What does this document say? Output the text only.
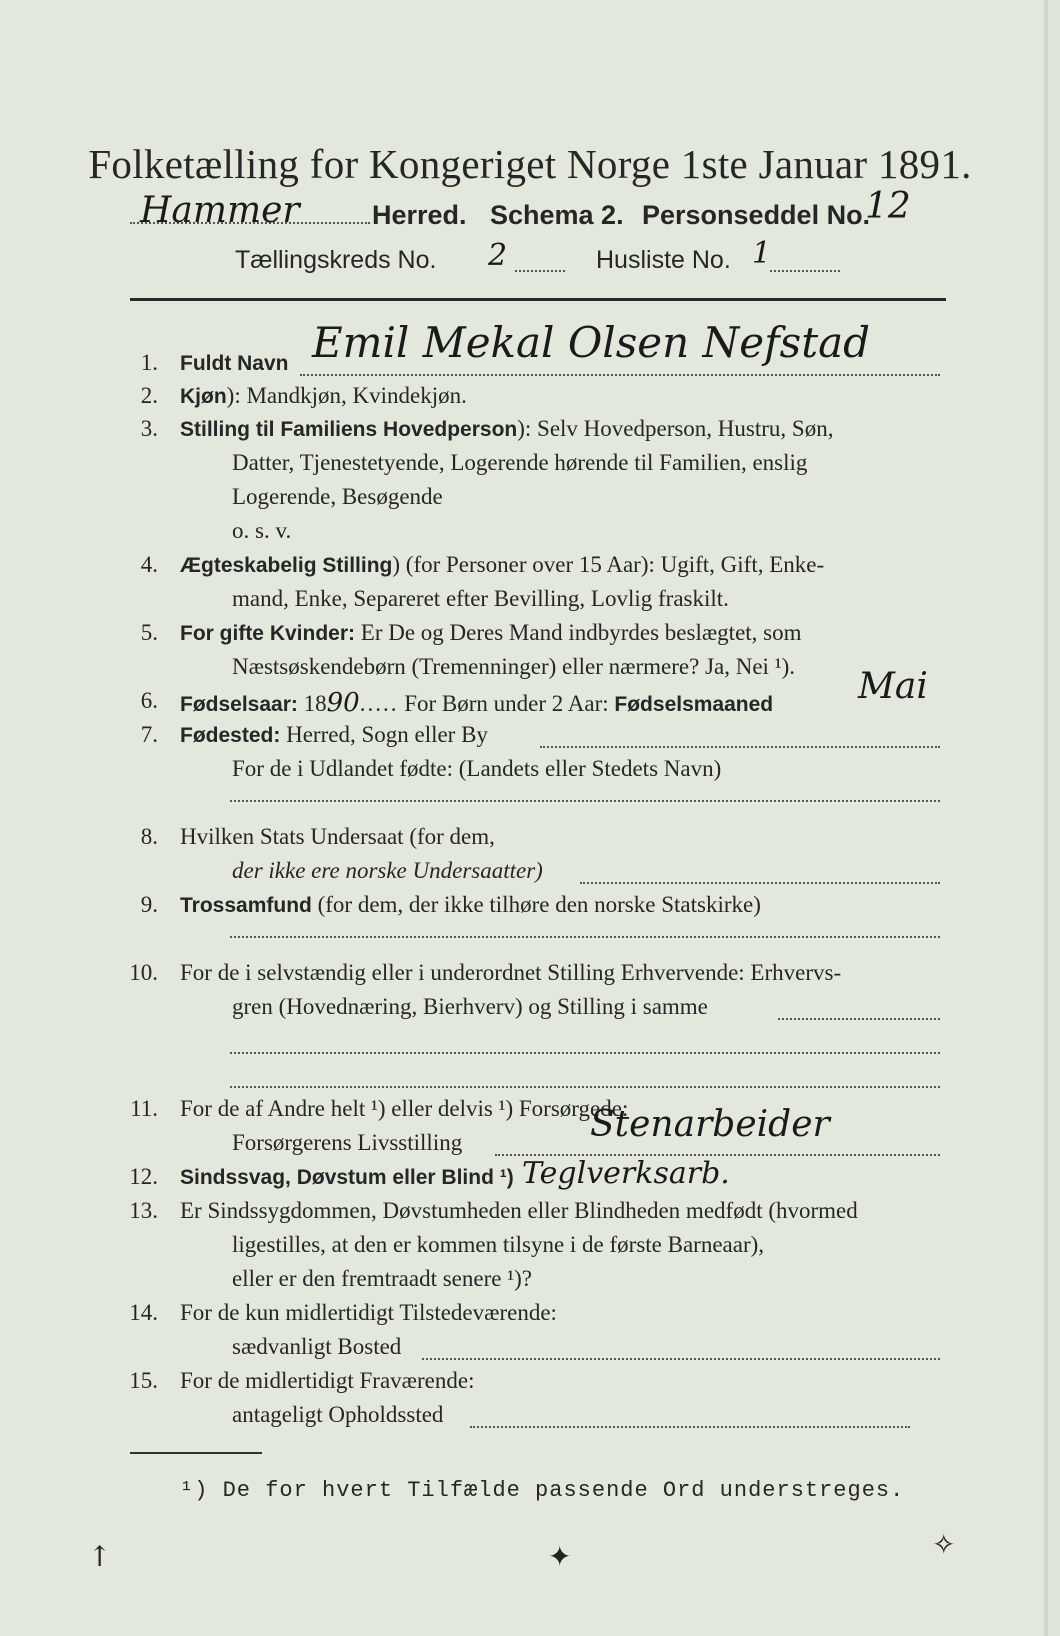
Folketælling for Kongeriget Norge 1ste Januar 1891.
Hammer	Herred. Schema 2. Personseddel No.
12
Tællingskreds No. 2	Husliste No. 1
1. Fuldt Navn Emil Mekal Olsen Nefstad
2. Kjøn): Mandkjøn, Kvindekjøn.
3. Stilling til Familiens Hovedperson): Selv Hovedperson, Hustru, Søn,
Datter, Tjenestetyende, Logerende hørende til Familien, enslig
Logerende, Besøgende
o. s. v.
4. Ægteskabelig Stilling) (for Personer over 15 Aar): Ugift, Gift, Enke-
mand, Enke, Separeret efter Bevilling, Lovlig fraskilt.
5. For gifte Kvinder: Er De og Deres Mand indbyrdes beslægtet, som
Næstsøskendebørn (Tremenninger) eller nærmere? Ja, Nei ¹).
6. Fødselsaar: 1890..... For Børn under 2 Aar: Fødselsmaaned Mai
7. Fødested: Herred, Sogn eller By
For de i Udlandet fødte: (Landets eller Stedets Navn)
8. Hvilken Stats Undersaat (for dem,
der ikke ere norske Undersaatter)
9. Trossamfund (for dem, der ikke tilhøre den norske Statskirke)
10. For de i selvstændig eller i underordnet Stilling Erhvervende: Erhvervs-
gren (Hovednæring, Bierhverv) og Stilling i samme
11. For de af Andre helt ¹) eller delvis ¹) Forsørgede:
Forsørgerens Livsstilling	Stenarbeider
12. Sindssvag, Døvstum eller Blind ¹) Teglverksarb.
13. Er Sindssygdommen, Døvstumheden eller Blindheden medfødt (hvormed
ligestilles, at den er kommen tilsyne i de første Barneaar),
eller er den fremtraadt senere ¹)?
14. For de kun midlertidigt Tilstedeværende:
sædvanligt Bosted
15. For de midlertidigt Fraværende:
antageligt Opholdssted
¹) De for hvert Tilfælde passende Ord understreges.
↑	✦	✧
